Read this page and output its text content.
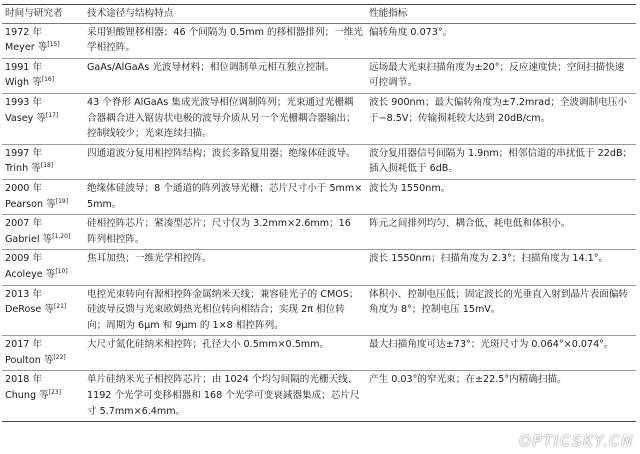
时间与研究者	技术途径与结构特点	性能指标

1972 年
Meyer 等[15]	采用钽酸锂移相器；46 个间隔为 0.5mm 的移相器排列；一维光学相控阵。	偏转角度 0.073°。

1991 年
Wigh 等[16]	GaAs/AlGaAs 光波导材料；相位调制单元相互独立控制。	远场最大光束扫描角度为±20°；反应速度快；空间扫描快速可控调节。

1993 年
Vasey 等[17]	43 个脊形 AlGaAs 集成光波导相位调制阵列；光束通过光栅耦合器耦合进入锯齿状电极的波导介质从另一个光栅耦合器输出；控制线较少；光束连续扫描。	波长 900nm；最大偏转角度为±7.2mrad；全波调制电压小于−8.5V；传输损耗较大达到 20dB/cm。

1997 年
Trinh 等[18]	四通道波分复用相控阵结构；波长多路复用器；绝缘体硅波导。	波分复用器信号间隔为 1.9nm；相邻信道的串扰低于 22dB；插入损耗低于 6dB。

2000 年
Pearson 等[19]	绝缘体硅波导；8 个通道的阵列波导光栅；芯片尺寸小于 5mm×5mm。	波长为 1550nm。

2007 年
Gabriel 等[1,20]	硅相控阵芯片；紧凑型芯片；尺寸仅为 3.2mm×2.6mm；16 阵列相控阵。	阵元之间排列均匀、耦合低、耗电低和体积小。

2009 年
Acoleye 等[10]	焦耳加热；一维光学相控阵。	波长 1550nm；扫描角度为 2.3°；扫描角度为 14.1°。

2013 年
DeRose 等[21]	电控光束转向有源相控阵金属纳米天线；兼容硅光子的 CMOS；硅波导反馈与光束欧姆热光相位转向相结合；实现 2π 相位转向；周期为 6μm 和 9μm 的 1×8 相控阵列。	体积小、控制电压低；固定波长的光垂直入射到晶片表面偏转角度为 8°；控制电压 15mV。

2017 年
Poulton 等[22]	大尺寸氮化硅纳米相控阵；孔径大小 0.5mm×0.5mm。	最大扫描角度可达±73°；光斑尺寸为 0.064°×0.074°。

2018 年
Chung 等[23]	单片硅纳米光子相控阵芯片；由 1024 个均匀间隔的光栅天线、1192 个光学可变移相器和 168 个光学可变衰减器集成；芯片尺寸 5.7mm×6.4mm。	产生 0.03°的窄光束；在±22.5°内精确扫描。
OPTICSKY.CN
